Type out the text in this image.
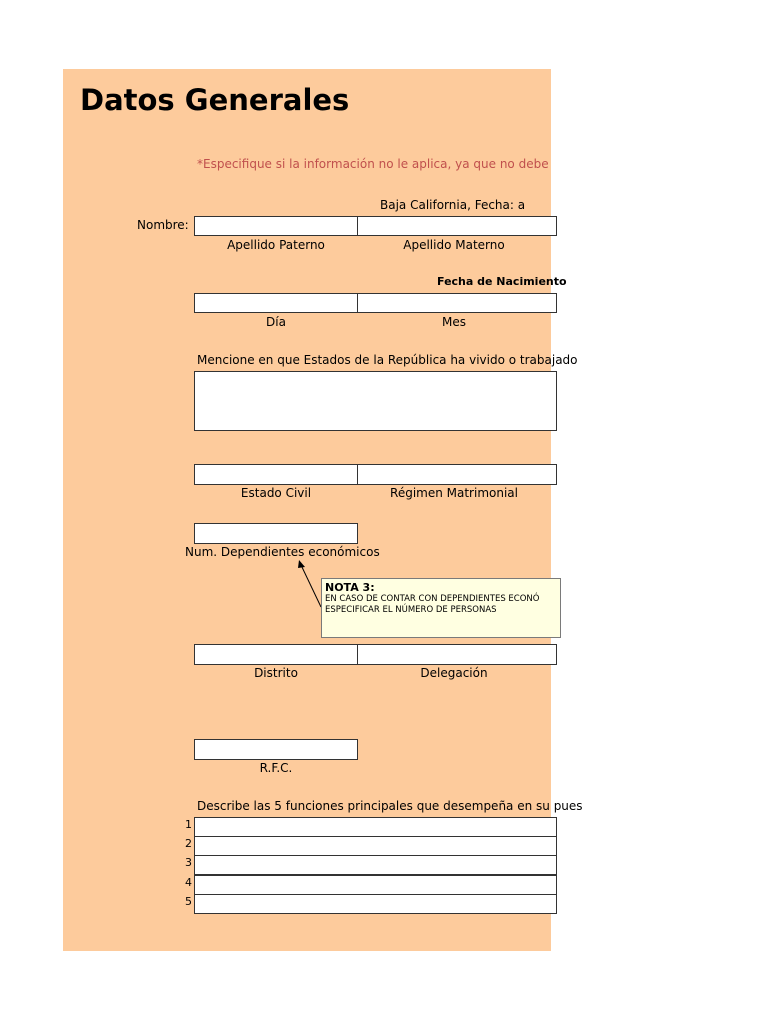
Datos Generales
*Especifique si la información no le aplica, ya que no debe
Baja California, Fecha: a
Nombre:
Apellido Paterno	Apellido Materno
Fecha de Nacimiento
Día	Mes
Mencione en que Estados de la República ha vivido o trabajado
Estado Civil	Régimen Matrimonial
Num. Dependientes económicos
NOTA 3:
EN CASO DE CONTAR CON DEPENDIENTES ECONÓ
ESPECIFICAR EL NÚMERO DE PERSONAS
Distrito	Delegación
R.F.C.
Describe las 5 funciones principales que desempeña en su pues
1
2
3
4
5
